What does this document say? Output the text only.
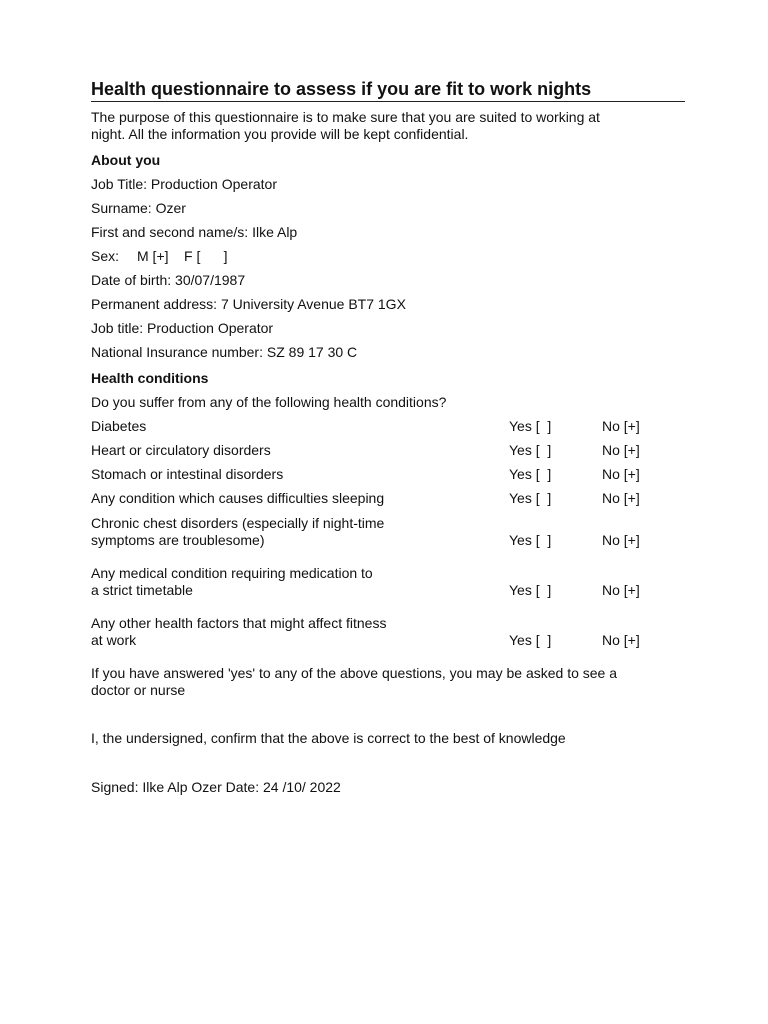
Health questionnaire to assess if you are fit to work nights
The purpose of this questionnaire is to make sure that you are suited to working at
night. All the information you provide will be kept confidential.
About you
Job Title: Production Operator
Surname: Ozer
First and second name/s: Ilke Alp
Sex: M [+] F [      ]
Date of birth: 30/07/1987
Permanent address: 7 University Avenue BT7 1GX
Job title: Production Operator
National Insurance number: SZ 89 17 30 C
Health conditions
Do you suffer from any of the following health conditions?
Diabetes	Yes [  ]	No [+]
Heart or circulatory disorders	Yes [  ]	No [+]
Stomach or intestinal disorders	Yes [  ]	No [+]
Any condition which causes difficulties sleeping	Yes [  ]	No [+]
Chronic chest disorders (especially if night-time
symptoms are troublesome)	Yes [  ]	No [+]
Any medical condition requiring medication to
a strict timetable	Yes [  ]	No [+]
Any other health factors that might affect fitness
at work	Yes [  ]	No [+]
If you have answered 'yes' to any of the above questions, you may be asked to see a
doctor or nurse
I, the undersigned, confirm that the above is correct to the best of knowledge
Signed: Ilke Alp Ozer Date: 24 /10/ 2022
